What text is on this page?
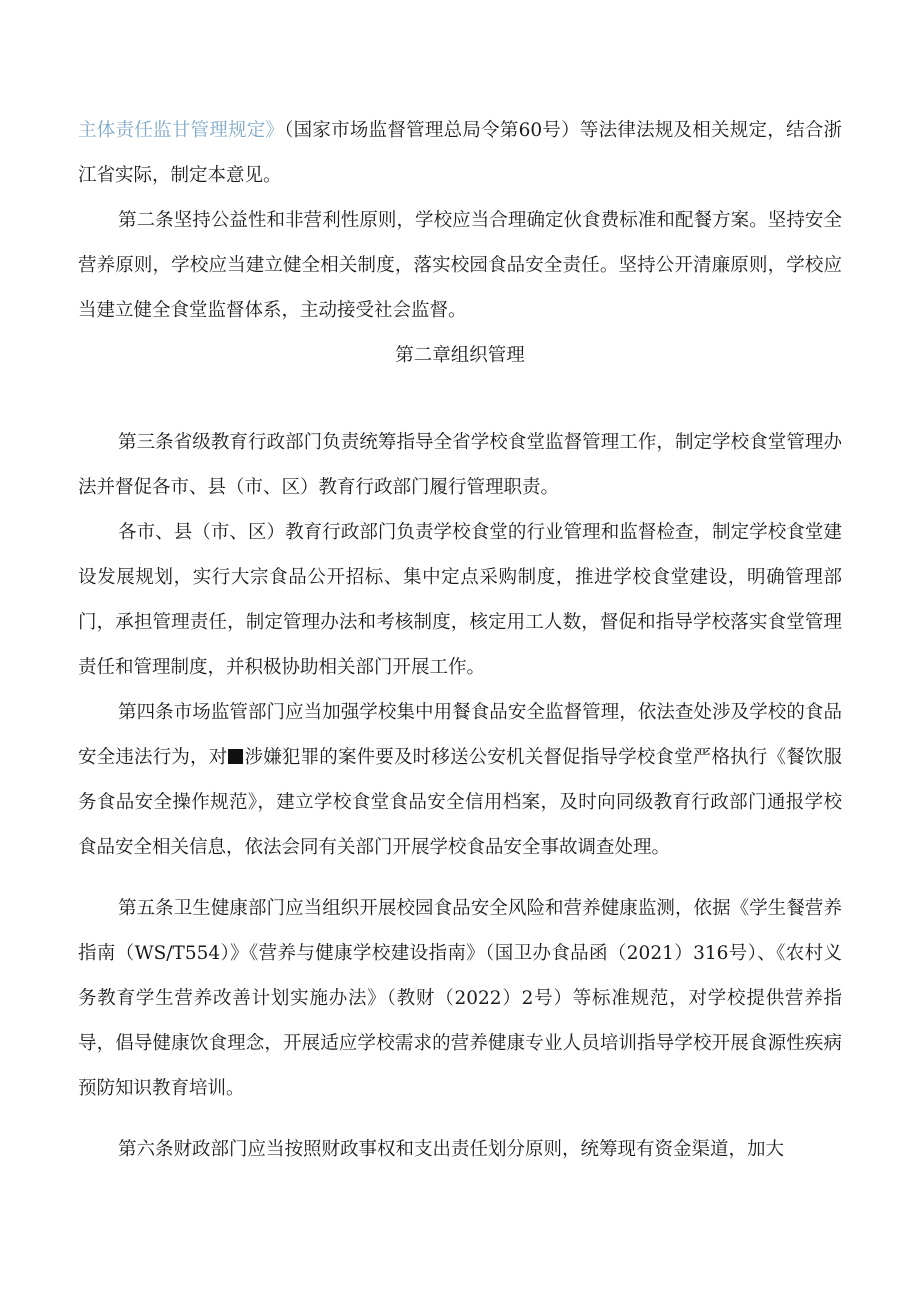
主体责任监甘管理规定》（国家市场监督管理总局令第60号）等法律法规及相关规定，结合浙江省实际，制定本意见。

第二条坚持公益性和非营利性原则，学校应当合理确定伙食费标准和配餐方案。坚持安全营养原则，学校应当建立健全相关制度，落实校园食品安全责任。坚持公开清廉原则，学校应当建立健全食堂监督体系，主动接受社会监督。

第二章组织管理

第三条省级教育行政部门负责统筹指导全省学校食堂监督管理工作，制定学校食堂管理办法并督促各市、县（市、区）教育行政部门履行管理职责。

各市、县（市、区）教育行政部门负责学校食堂的行业管理和监督检查，制定学校食堂建设发展规划，实行大宗食品公开招标、集中定点采购制度，推进学校食堂建设，明确管理部门，承担管理责任，制定管理办法和考核制度，核定用工人数，督促和指导学校落实食堂管理责任和管理制度，并积极协助相关部门开展工作。

第四条市场监管部门应当加强学校集中用餐食品安全监督管理，依法查处涉及学校的食品安全违法行为，对 涉嫌犯罪的案件要及时移送公安机关督促指导学校食堂严格执行《餐饮服务食品安全操作规范》，建立学校食堂食品安全信用档案，及时向同级教育行政部门通报学校食品安全相关信息，依法会同有关部门开展学校食品安全事故调查处理。

第五条卫生健康部门应当组织开展校园食品安全风险和营养健康监测，依据《学生餐营养指南（WS/T554）》《营养与健康学校建设指南》（国卫办食品函（2021）316号）、《农村义务教育学生营养改善计划实施办法》（教财（2022）2号）等标准规范，对学校提供营养指导，倡导健康饮食理念，开展适应学校需求的营养健康专业人员培训指导学校开展食源性疾病预防知识教育培训。

第六条财政部门应当按照财政事权和支出责任划分原则，统筹现有资金渠道，加大
